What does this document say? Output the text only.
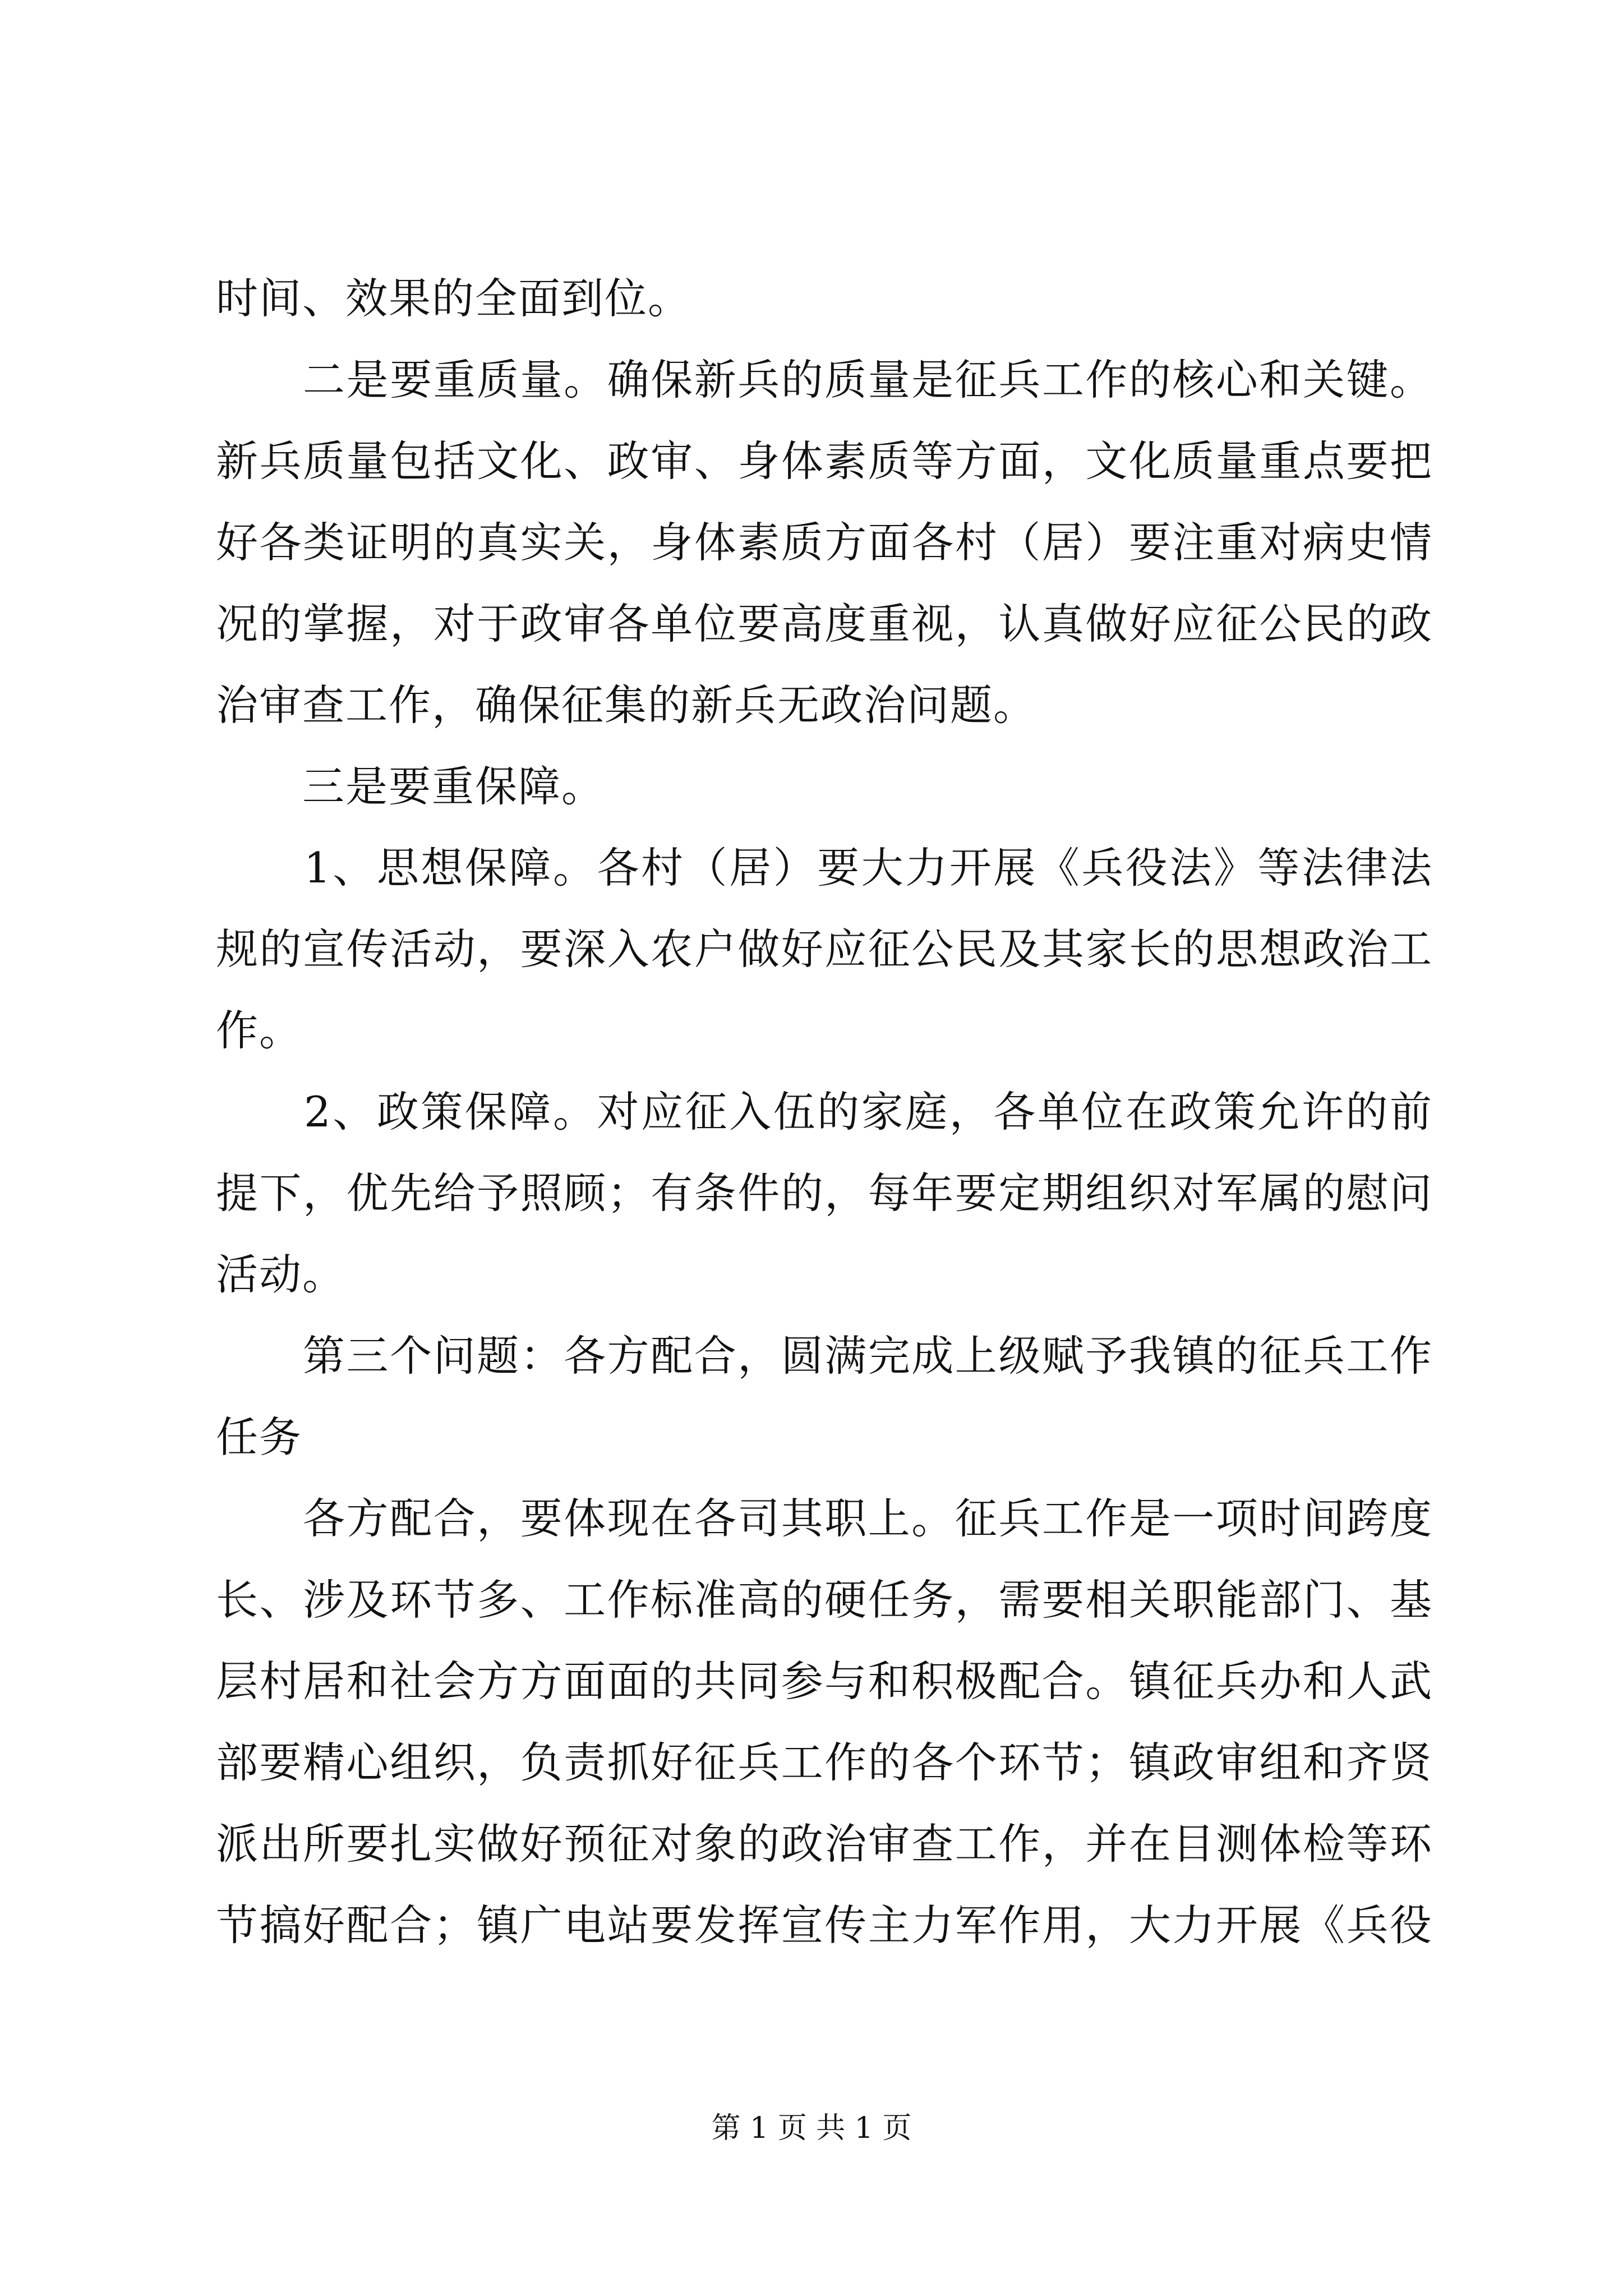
时间、效果的全面到位。

　　二是要重质量。确保新兵的质量是征兵工作的核心和关键。

新兵质量包括文化、政审、身体素质等方面，文化质量重点要把

好各类证明的真实关，身体素质方面各村（居）要注重对病史情

况的掌握，对于政审各单位要高度重视，认真做好应征公民的政

治审查工作，确保征集的新兵无政治问题。

　　三是要重保障。

　　1、思想保障。各村（居）要大力开展《兵役法》等法律法

规的宣传活动，要深入农户做好应征公民及其家长的思想政治工

作。

　　2、政策保障。对应征入伍的家庭，各单位在政策允许的前

提下，优先给予照顾；有条件的，每年要定期组织对军属的慰问

活动。

　　第三个问题：各方配合，圆满完成上级赋予我镇的征兵工作

任务

　　各方配合，要体现在各司其职上。征兵工作是一项时间跨度

长、涉及环节多、工作标准高的硬任务，需要相关职能部门、基

层村居和社会方方面面的共同参与和积极配合。镇征兵办和人武

部要精心组织，负责抓好征兵工作的各个环节；镇政审组和齐贤

派出所要扎实做好预征对象的政治审查工作，并在目测体检等环

节搞好配合；镇广电站要发挥宣传主力军作用，大力开展《兵役

第 1 页 共 1 页
